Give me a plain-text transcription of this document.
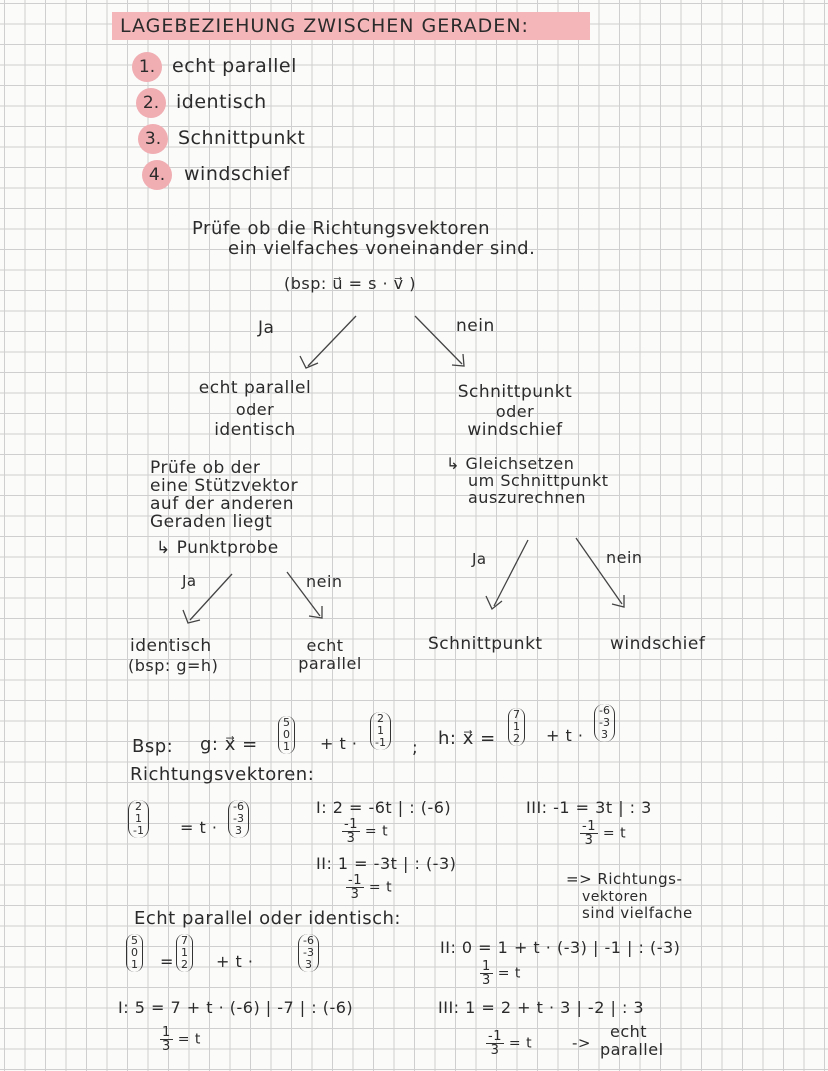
LAGEBEZIEHUNG ZWISCHEN GERADEN:
1. echt parallel
2. identisch
3. Schnittpunkt
4. windschief
Prüfe ob die Richtungsvektoren
ein vielfaches voneinander sind.
(bsp: u⃗ = s · v⃗ )
Ja	nein
echt parallel
oder
identisch
Schnittpunkt
oder
windschief
Prüfe ob der
eine Stützvektor
auf der anderen
Geraden liegt
↳ Punktprobe
↳ Gleichsetzen
um Schnittpunkt
auszurechnen
Ja	nein
Ja	nein
identisch
(bsp: g=h)
echt
parallel
Schnittpunkt	windschief
Bsp: g: x⃗ =
5
0
1 + t ·
2
1
-1 ; h: x⃗ =
7
1
2 + t ·
-6
-3
3
Richtungsvektoren:
2
1
-1 = t ·
-6
-3
3
I: 2 = -6t | : (-6)
$\frac{-1}{3} = t$
III: -1 = 3t | : 3
$\frac{-1}{3} = t$
II: 1 = -3t | : (-3)
$\frac{-1}{3} = t$	=> Richtungs-
vektoren
sind vielfache
Echt parallel oder identisch:
5
0
1 =
7
1
2 + t ·
-6
-3
3
II: 0 = 1 + t · (-3) | -1 | : (-3)
$\frac{1}{3} = t$
I: 5 = 7 + t · (-6) | -7 | : (-6)
$\frac{1}{3} = t$
III: 1 = 2 + t · 3 | -2 | : 3
$\frac{-1}{3} = t$	->
echt
parallel
